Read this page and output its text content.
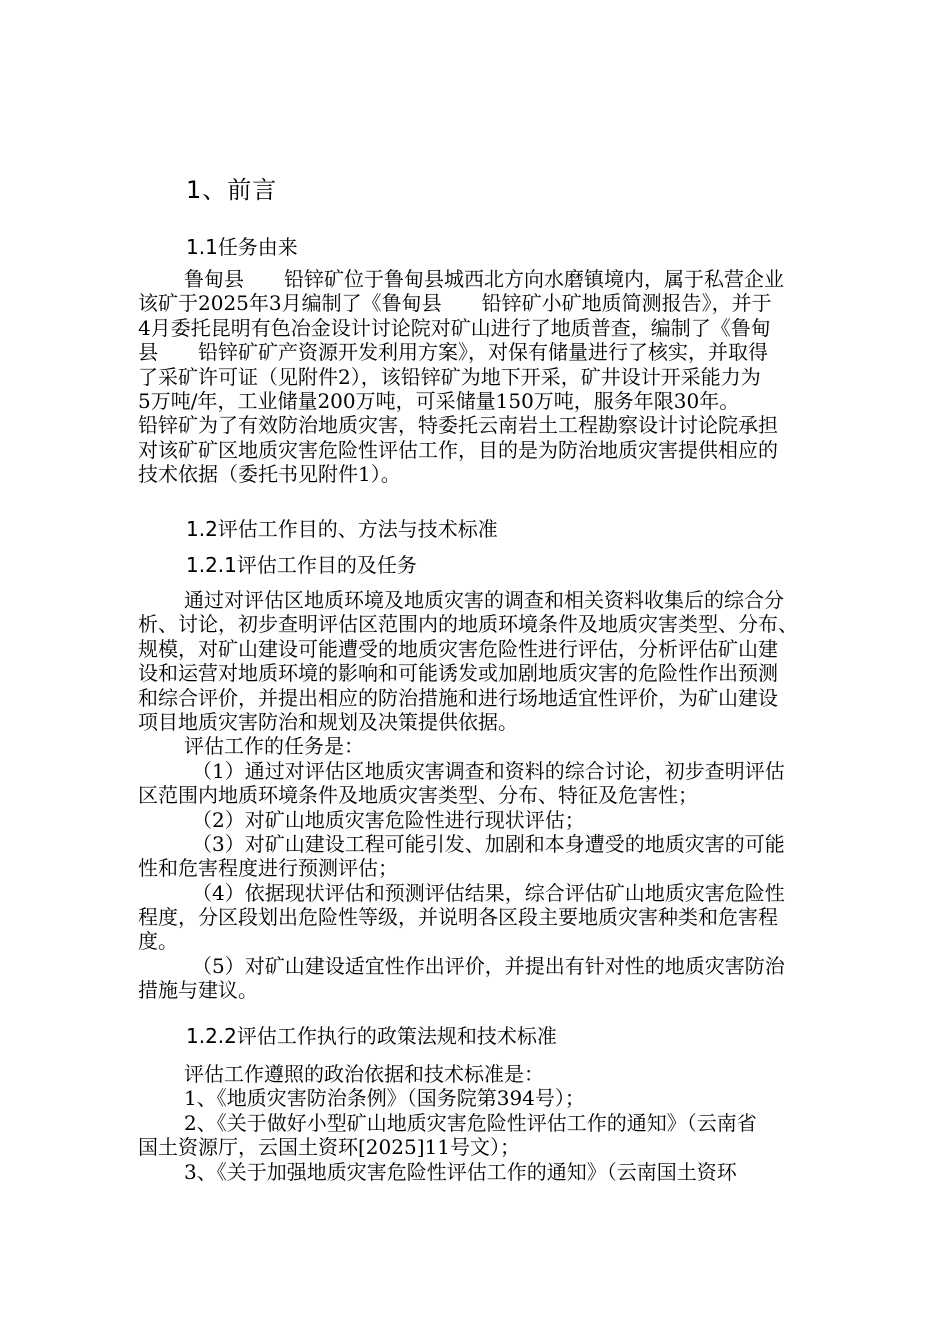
1、前言
1.1任务由来
鲁甸县　　铅锌矿位于鲁甸县城西北方向水磨镇境内，属于私营企业
该矿于2025年3月编制了《鲁甸县　　铅锌矿小矿地质简测报告》，并于
4月委托昆明有色冶金设计讨论院对矿山进行了地质普查，编制了《鲁甸
县　　铅锌矿矿产资源开发利用方案》，对保有储量进行了核实，并取得
了采矿许可证（见附件2），该铅锌矿为地下开采，矿井设计开采能力为
5万吨/年，工业储量200万吨，可采储量150万吨，服务年限30年。
铅锌矿为了有效防治地质灾害，特委托云南岩土工程勘察设计讨论院承担
对该矿矿区地质灾害危险性评估工作，目的是为防治地质灾害提供相应的
技术依据（委托书见附件1）。
1.2评估工作目的、方法与技术标准
1.2.1评估工作目的及任务
通过对评估区地质环境及地质灾害的调查和相关资料收集后的综合分
析、讨论，初步查明评估区范围内的地质环境条件及地质灾害类型、分布、
规模，对矿山建设可能遭受的地质灾害危险性进行评估，分析评估矿山建
设和运营对地质环境的影响和可能诱发或加剧地质灾害的危险性作出预测
和综合评价，并提出相应的防治措施和进行场地适宜性评价，为矿山建设
项目地质灾害防治和规划及决策提供依据。
评估工作的任务是：
（1）通过对评估区地质灾害调查和资料的综合讨论，初步查明评估
区范围内地质环境条件及地质灾害类型、分布、特征及危害性；
（2）对矿山地质灾害危险性进行现状评估；
（3）对矿山建设工程可能引发、加剧和本身遭受的地质灾害的可能
性和危害程度进行预测评估；
（4）依据现状评估和预测评估结果，综合评估矿山地质灾害危险性
程度，分区段划出危险性等级，并说明各区段主要地质灾害种类和危害程
度。
（5）对矿山建设适宜性作出评价，并提出有针对性的地质灾害防治
措施与建议。
1.2.2评估工作执行的政策法规和技术标准
评估工作遵照的政治依据和技术标准是：
1、《地质灾害防治条例》（国务院第394号）；
2、《关于做好小型矿山地质灾害危险性评估工作的通知》（云南省
国土资源厅，云国土资环[2025]11号文）；
3、《关于加强地质灾害危险性评估工作的通知》（云南国土资环
